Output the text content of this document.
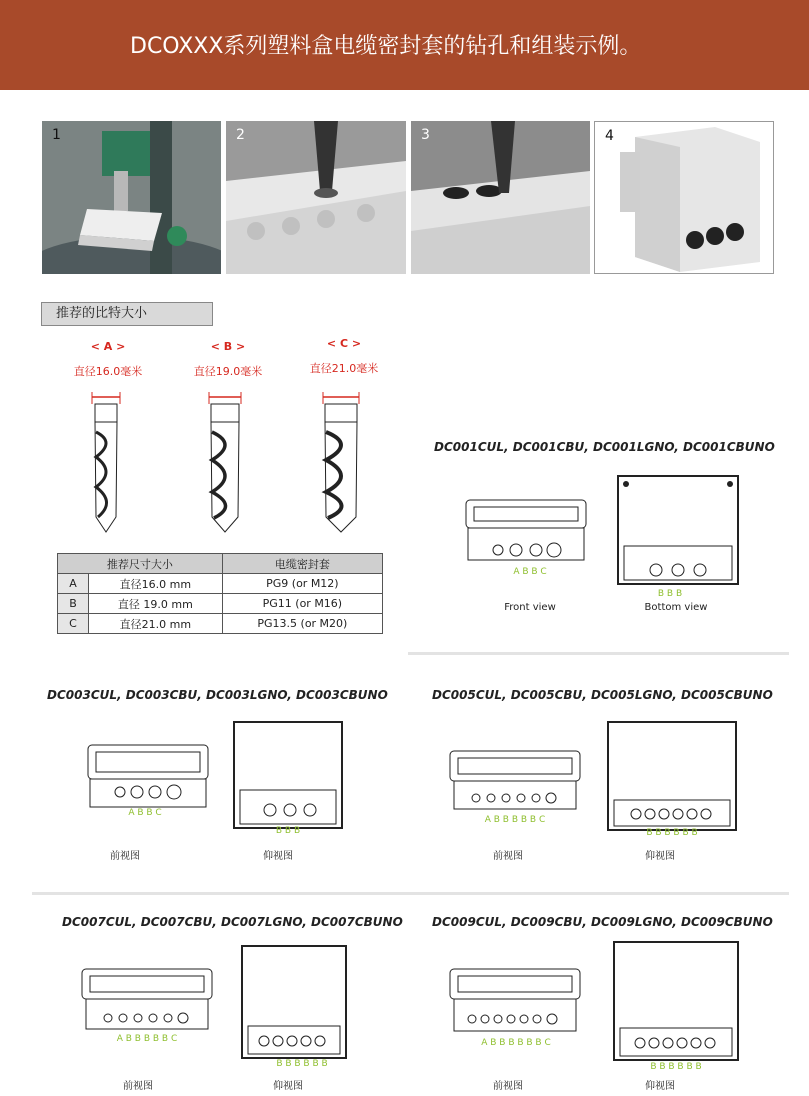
DCOXXX系列塑料盒电缆密封套的钻孔和组装示例。
1	2	3	4
推荐的比特大小
< A >
直径16.0毫米
< B >
直径19.0毫米
< C >
直径21.0毫米
推荐尺寸大小		电缆密封套
A	直径16.0 mm	PG9 (or M12)
B	直径 19.0 mm	PG11 (or M16)
C	直径21.0 mm	PG13.5 (or M20)
DC001CUL, DC001CBU, DC001LGNO, DC001CBUNO
DC003CUL, DC003CBU, DC003LGNO, DC003CBUNO	DC005CUL, DC005CBU, DC005LGNO, DC005CBUNO
DC007CUL, DC007CBU, DC007LGNO, DC007CBUNO DC009CUL, DC009CBU, DC009LGNO, DC009CBUNO
A B B C
B B B
Front view	Bottom view
A B B C
B B B
前视图	仰视图
A B B B B B C
B B B B B B
前视图	仰视图
A B B B B B C
B B B B B B
前视图	仰视图
A B B B B B B C
B B B B B B
前视图	仰视图
